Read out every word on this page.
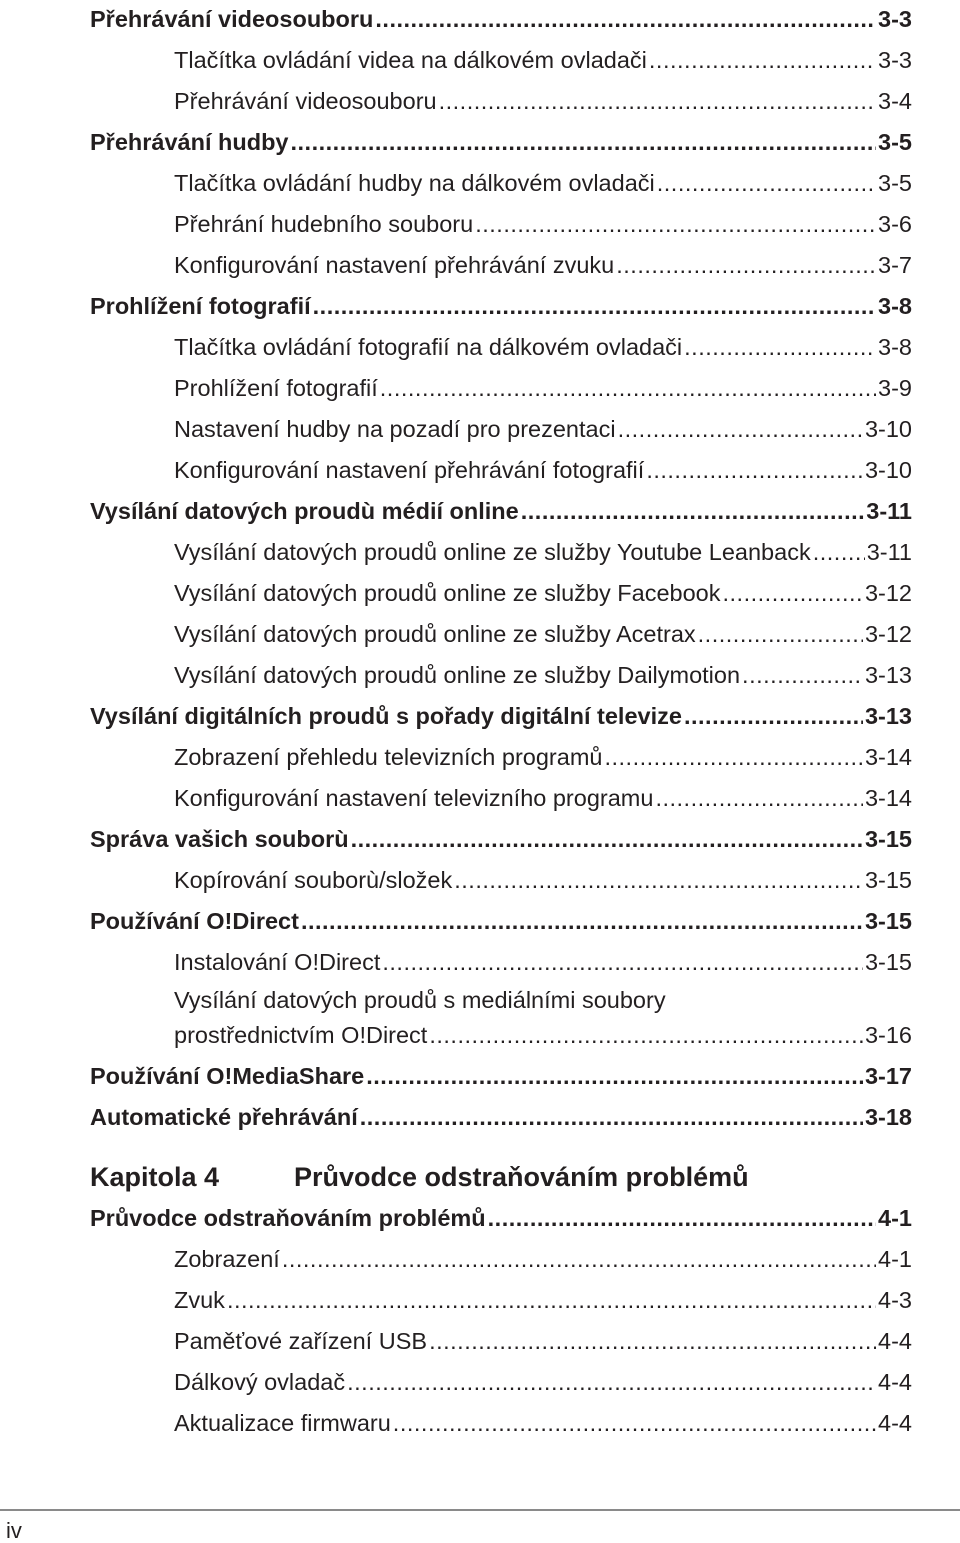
Přehrávání videosouboru .....	3-3
Tlačítka ovládání videa na dálkovém ovladači .....	3-3
Přehrávání videosouboru .....	3-4
Přehrávání hudby .....	3-5
Tlačítka ovládání hudby na dálkovém ovladači .....	3-5
Přehrání hudebního souboru .....	3-6
Konfigurování nastavení přehrávání zvuku .....	3-7
Prohlížení fotografií .....	3-8
Tlačítka ovládání fotografií na dálkovém ovladači .....	3-8
Prohlížení fotografií .....	3-9
Nastavení hudby na pozadí pro prezentaci .....	3-10
Konfigurování nastavení přehrávání fotografií .....	3-10
Vysílání datových proudù médií online .....	3-11
Vysílání datových proudů online ze služby Youtube Leanback ..... 3-11
Vysílání datových proudů online ze služby Facebook .....	3-12
Vysílání datových proudů online ze služby Acetrax .....	3-12
Vysílání datových proudů online ze služby Dailymotion .....	3-13
Vysílání digitálních proudů s pořady digitální televize .....	3-13
Zobrazení přehledu televizních programů .....	3-14
Konfigurování nastavení televizního programu .....	3-14
Správa vašich souborù .....	3-15
Kopírování souborù/složek .....	3-15
Používání O!Direct .....	3-15
Instalování O!Direct .....	3-15
Vysílání datových proudů s mediálními soubory
prostřednictvím O!Direct .....	3-16
Používání O!MediaShare .....	3-17
Automatické přehrávání .....	3-18
Kapitola 4	Průvodce odstraňováním problémů
Průvodce odstraňováním problémů .....	4-1
Zobrazení .....	4-1
Zvuk .....	4-3
Paměťové zařízení USB .....	4-4
Dálkový ovladač .....	4-4
Aktualizace firmwaru .....	4-4
iv
